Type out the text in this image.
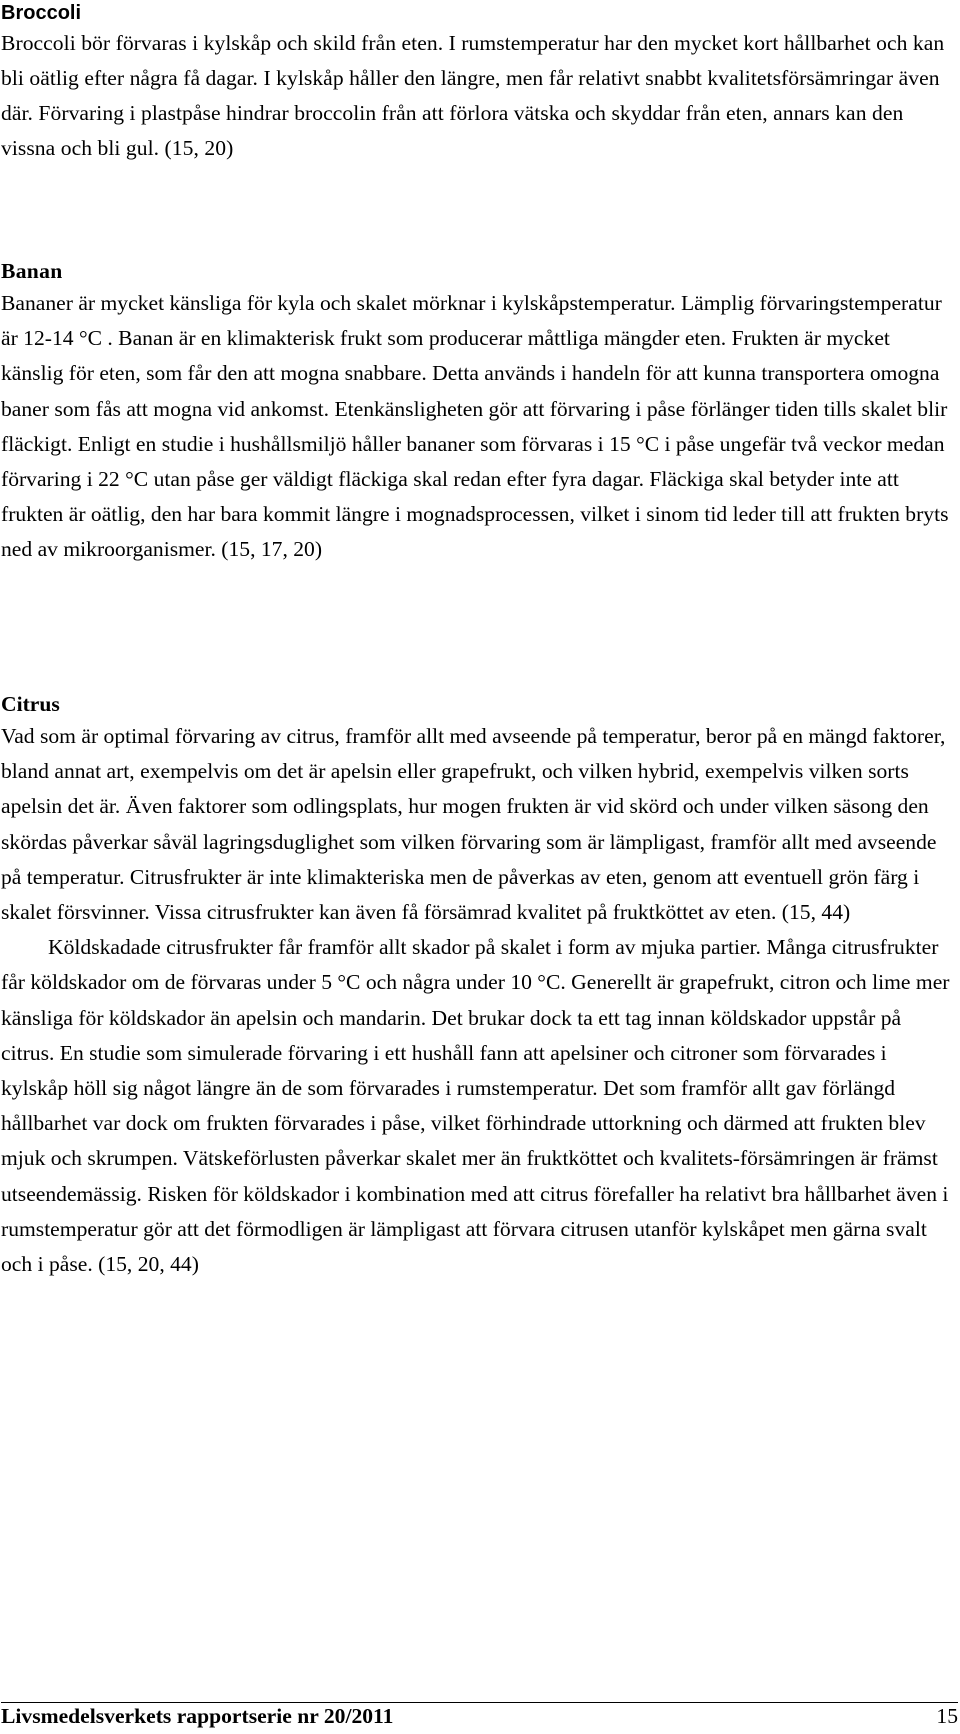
Broccoli

Broccoli bör förvaras i kylskåp och skild från eten. I rumstemperatur har den mycket kort hållbarhet och kan bli oätlig efter några få dagar. I kylskåp håller den längre, men får relativt snabbt kvalitetsförsämringar även där. Förvaring i plastpåse hindrar broccolin från att förlora vätska och skyddar från eten, annars kan den vissna och bli gul. (15, 20)

Banan

Bananer är mycket känsliga för kyla och skalet mörknar i kylskåpstemperatur. Lämplig förvaringstemperatur är 12-14 °C . Banan är en klimakterisk frukt som producerar måttliga mängder eten. Frukten är mycket känslig för eten, som får den att mogna snabbare. Detta används i handeln för att kunna transportera omogna baner som fås att mogna vid ankomst. Etenkänsligheten gör att förvaring i påse förlänger tiden tills skalet blir fläckigt. Enligt en studie i hushållsmiljö håller bananer som förvaras i 15 °C i påse ungefär två veckor medan förvaring i 22 °C utan påse ger väldigt fläckiga skal redan efter fyra dagar. Fläckiga skal betyder inte att frukten är oätlig, den har bara kommit längre i mognadsprocessen, vilket i sinom tid leder till att frukten bryts ned av mikroorganismer. (15, 17, 20)

Citrus

Vad som är optimal förvaring av citrus, framför allt med avseende på temperatur, beror på en mängd faktorer, bland annat art, exempelvis om det är apelsin eller grapefrukt, och vilken hybrid, exempelvis vilken sorts apelsin det är. Även faktorer som odlingsplats, hur mogen frukten är vid skörd och under vilken säsong den skördas påverkar såväl lagringsduglighet som vilken förvaring som är lämpligast, framför allt med avseende på temperatur. Citrusfrukter är inte klimakteriska men de påverkas av eten, genom att eventuell grön färg i skalet försvinner. Vissa citrusfrukter kan även få försämrad kvalitet på fruktköttet av eten. (15, 44)

Köldskadade citrusfrukter får framför allt skador på skalet i form av mjuka partier. Många citrusfrukter får köldskador om de förvaras under 5 °C och några under 10 °C. Generellt är grapefrukt, citron och lime mer känsliga för köldskador än apelsin och mandarin. Det brukar dock ta ett tag innan köldskador uppstår på citrus. En studie som simulerade förvaring i ett hushåll fann att apelsiner och citroner som förvarades i kylskåp höll sig något längre än de som förvarades i rumstemperatur. Det som framför allt gav förlängd hållbarhet var dock om frukten förvarades i påse, vilket förhindrade uttorkning och därmed att frukten blev mjuk och skrumpen. Vätskeförlusten påverkar skalet mer än fruktköttet och kvalitets-försämringen är främst utseendemässig. Risken för köldskador i kombination med att citrus förefaller ha relativt bra hållbarhet även i rumstemperatur gör att det förmodligen är lämpligast att förvara citrusen utanför kylskåpet men gärna svalt och i påse. (15, 20, 44)

Livsmedelsverkets rapportserie nr 20/2011	15
